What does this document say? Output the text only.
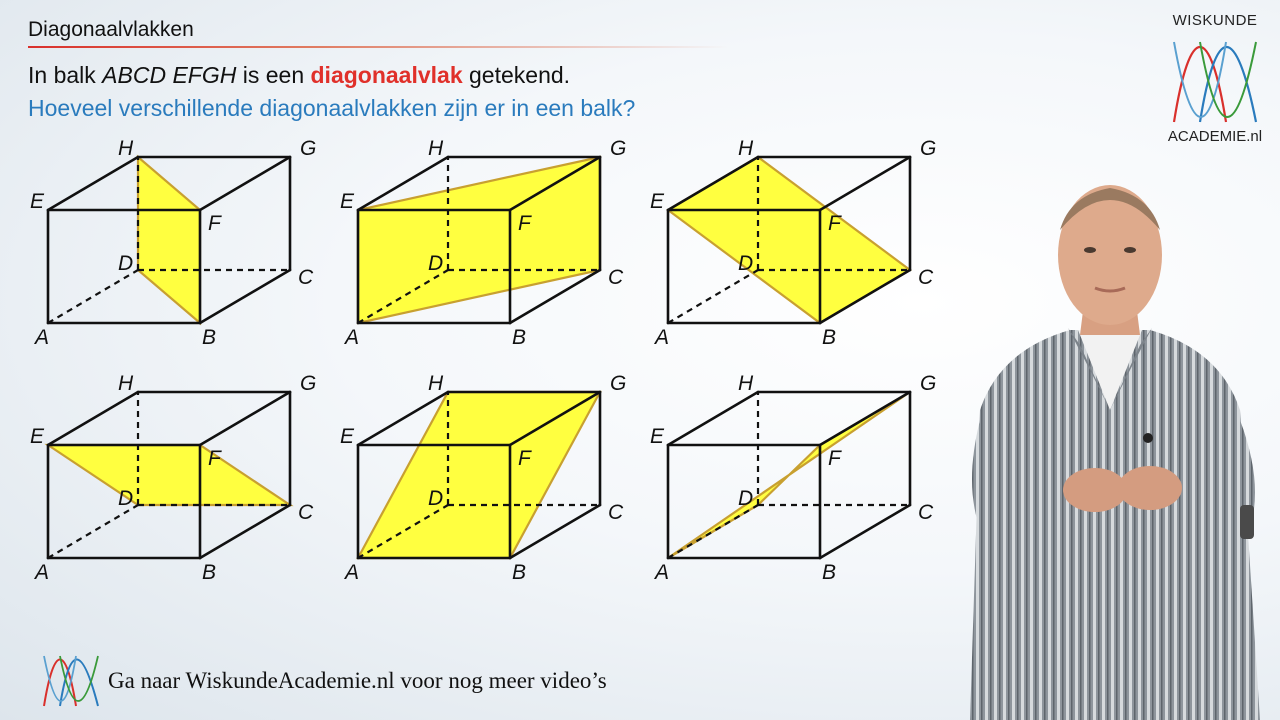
Diagonaalvlakken
In balk ABCD EFGH is een diagonaalvlak getekend.
Hoeveel verschillende diagonaalvlakken zijn er in een balk?
A	B
C
D
E
F
G
H
A	B
C
D
E
F
G
H
A	B
C
D
E
F
G
H
A	B
C
D
E
F
G
H
A	B
C
D
E
F
G
H
A	B
C
D
E
F
G
H
WISKUNDE
ACADEMIE.nl
Ga naar WiskundeAcademie.nl voor nog meer video’s
